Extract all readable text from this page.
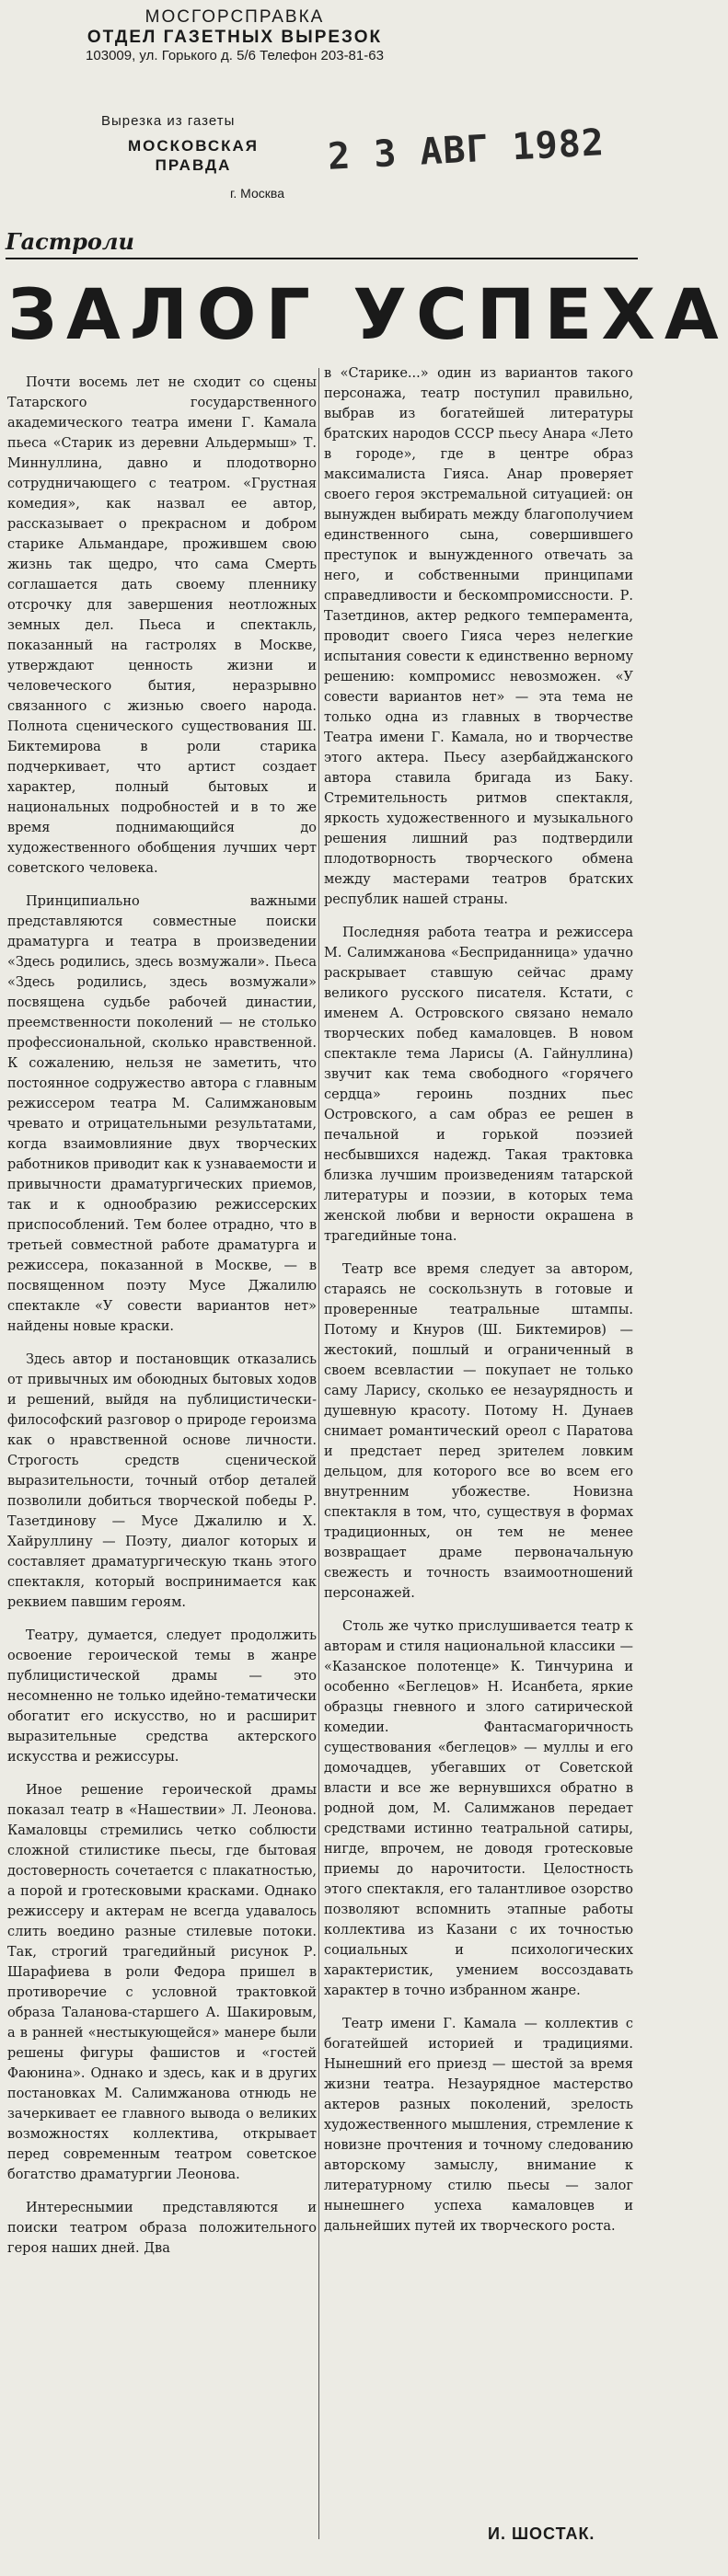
МОСГОРСПРАВКА
ОТДЕЛ ГАЗЕТНЫХ ВЫРЕЗОК
103009, ул. Горького д. 5/6 Телефон 203-81-63
Вырезка из газеты
МОСКОВСКАЯ ПРАВДА
г. Москва
2 3 АВГ 1982
Гастроли
ЗАЛОГ УСПЕХА

Почти восемь лет не сходит со сцены Татарского государственного академического театра имени Г. Камала пьеса «Старик из деревни Альдермыш» Т. Миннуллина, давно и плодотворно сотрудничающего с театром. «Грустная комедия», как назвал ее автор, рассказывает о прекрасном и добром старике Альмандаре, прожившем свою жизнь так щедро, что сама Смерть соглашается дать своему пленнику отсрочку для завершения неотложных земных дел. Пьеса и спектакль, показанный на гастролях в Москве, утверждают ценность жизни и человеческого бытия, неразрывно связанного с жизнью своего народа. Полнота сценического существования Ш. Биктемирова в роли старика подчеркивает, что артист создает характер, полный бытовых и национальных подробностей и в то же время поднимающийся до художественного обобщения лучших черт советского человека.

Принципиально важными представляются совместные поиски драматурга и театра в произведении «Здесь родились, здесь возмужали». Пьеса «Здесь родились, здесь возмужали» посвящена судьбе рабочей династии, преемственности поколений — не столько профессиональной, сколько нравственной. К сожалению, нельзя не заметить, что постоянное содружество автора с главным режиссером театра М. Салимжановым чревато и отрицательными результатами, когда взаимовлияние двух творческих работников приводит как к узнаваемости и привычности драматургических приемов, так и к однообразию режиссерских приспособлений. Тем более отрадно, что в третьей совместной работе драматурга и режиссера, показанной в Москве, — в посвященном поэту Мусе Джалилю спектакле «У совести вариантов нет» найдены новые краски.

Здесь автор и постановщик отказались от привычных им обоюдных бытовых ходов и решений, выйдя на публицистически-философский разговор о природе героизма как о нравственной основе личности. Строгость средств сценической выразительности, точный отбор деталей позволили добиться творческой победы Р. Тазетдинову — Мусе Джалилю и Х. Хайруллину — Поэту, диалог которых и составляет драматургическую ткань этого спектакля, который воспринимается как реквием павшим героям.

Театру, думается, следует продолжить освоение героической темы в жанре публицистической драмы — это несомненно не только идейно-тематически обогатит его искусство, но и расширит выразительные средства актерского искусства и режиссуры.

Иное решение героической драмы показал театр в «Нашествии» Л. Леонова. Камаловцы стремились четко соблюсти сложной стилистике пьесы, где бытовая достоверность сочетается с плакатностью, а порой и гротесковыми красками. Однако режиссеру и актерам не всегда удавалось слить воедино разные стилевые потоки. Так, строгий трагедийный рисунок Р. Шарафиева в роли Федора пришел в противоречие с условной трактовкой образа Таланова-старшего А. Шакировым, а в ранней «нестыкующейся» манере были решены фигуры фашистов и «гостей Фаюнина». Однако и здесь, как и в других постановках М. Салимжанова отнюдь не зачеркивает ее главного вывода о великих возможностях коллектива, открывает перед современным театром советское богатство драматургии Леонова.

Интереснымии представляются и поиски театром образа положительного героя наших дней. Два

в «Старике...» один из вариантов такого персонажа, театр поступил правильно, выбрав из богатейшей литературы братских народов СССР пьесу Анара «Лето в городе», где в центре образ максималиста Гияса. Анар проверяет своего героя экстремальной ситуацией: он вынужден выбирать между благополучием единственного сына, совершившего преступок и вынужденного отвечать за него, и собственными принципами справедливости и бескомпромиссности. Р. Тазетдинов, актер редкого темперамента, проводит своего Гияса через нелегкие испытания совести к единственно верному решению: компромисс невозможен. «У совести вариантов нет» — эта тема не только одна из главных в творчестве Театра имени Г. Камала, но и творчестве этого актера. Пьесу азербайджанского автора ставила бригада из Баку. Стремительность ритмов спектакля, яркость художественного и музыкального решения лишний раз подтвердили плодотворность творческого обмена между мастерами театров братских республик нашей страны.

Последняя работа театра и режиссера М. Салимжанова «Бесприданница» удачно раскрывает ставшую сейчас драму великого русского писателя. Кстати, с именем А. Островского связано немало творческих побед камаловцев. В новом спектакле тема Ларисы (А. Гайнуллина) звучит как тема свободного «горячего сердца» героинь поздних пьес Островского, а сам образ ее решен в печальной и горькой поэзией несбывшихся надежд. Такая трактовка близка лучшим произведениям татарской литературы и поэзии, в которых тема женской любви и верности окрашена в трагедийные тона.

Театр все время следует за автором, стараясь не соскользнуть в готовые и проверенные театральные штампы. Потому и Кнуров (Ш. Биктемиров) — жестокий, пошлый и ограниченный в своем всевластии — покупает не только саму Ларису, сколько ее незаурядность и душевную красоту. Потому Н. Дунаев снимает романтический ореол с Паратова и предстает перед зрителем ловким дельцом, для которого все во всем его внутренним убожестве. Новизна спектакля в том, что, существуя в формах традиционных, он тем не менее возвращает драме первоначальную свежесть и точность взаимоотношений персонажей.

Столь же чутко прислушивается театр к авторам и стиля национальной классики — «Казанское полотенце» К. Тинчурина и особенно «Беглецов» Н. Исанбета, яркие образцы гневного и злого сатирической комедии. Фантасмагоричность существования «беглецов» — муллы и его домочадцев, убегавших от Советской власти и все же вернувшихся обратно в родной дом, М. Салимжанов передает средствами истинно театральной сатиры, нигде, впрочем, не доводя гротесковые приемы до нарочитости. Целостность этого спектакля, его талантливое озорство позволяют вспомнить этапные работы коллектива из Казани с их точностью социальных и психологических характеристик, умением воссоздавать характер в точно избранном жанре.

Театр имени Г. Камала — коллектив с богатейшей историей и традициями. Нынешний его приезд — шестой за время жизни театра. Незаурядное мастерство актеров разных поколений, зрелость художественного мышления, стремление к новизне прочтения и точному следованию авторскому замыслу, внимание к литературному стилю пьесы — залог нынешнего успеха камаловцев и дальнейших путей их творческого роста.

И. ШОСТАК.
